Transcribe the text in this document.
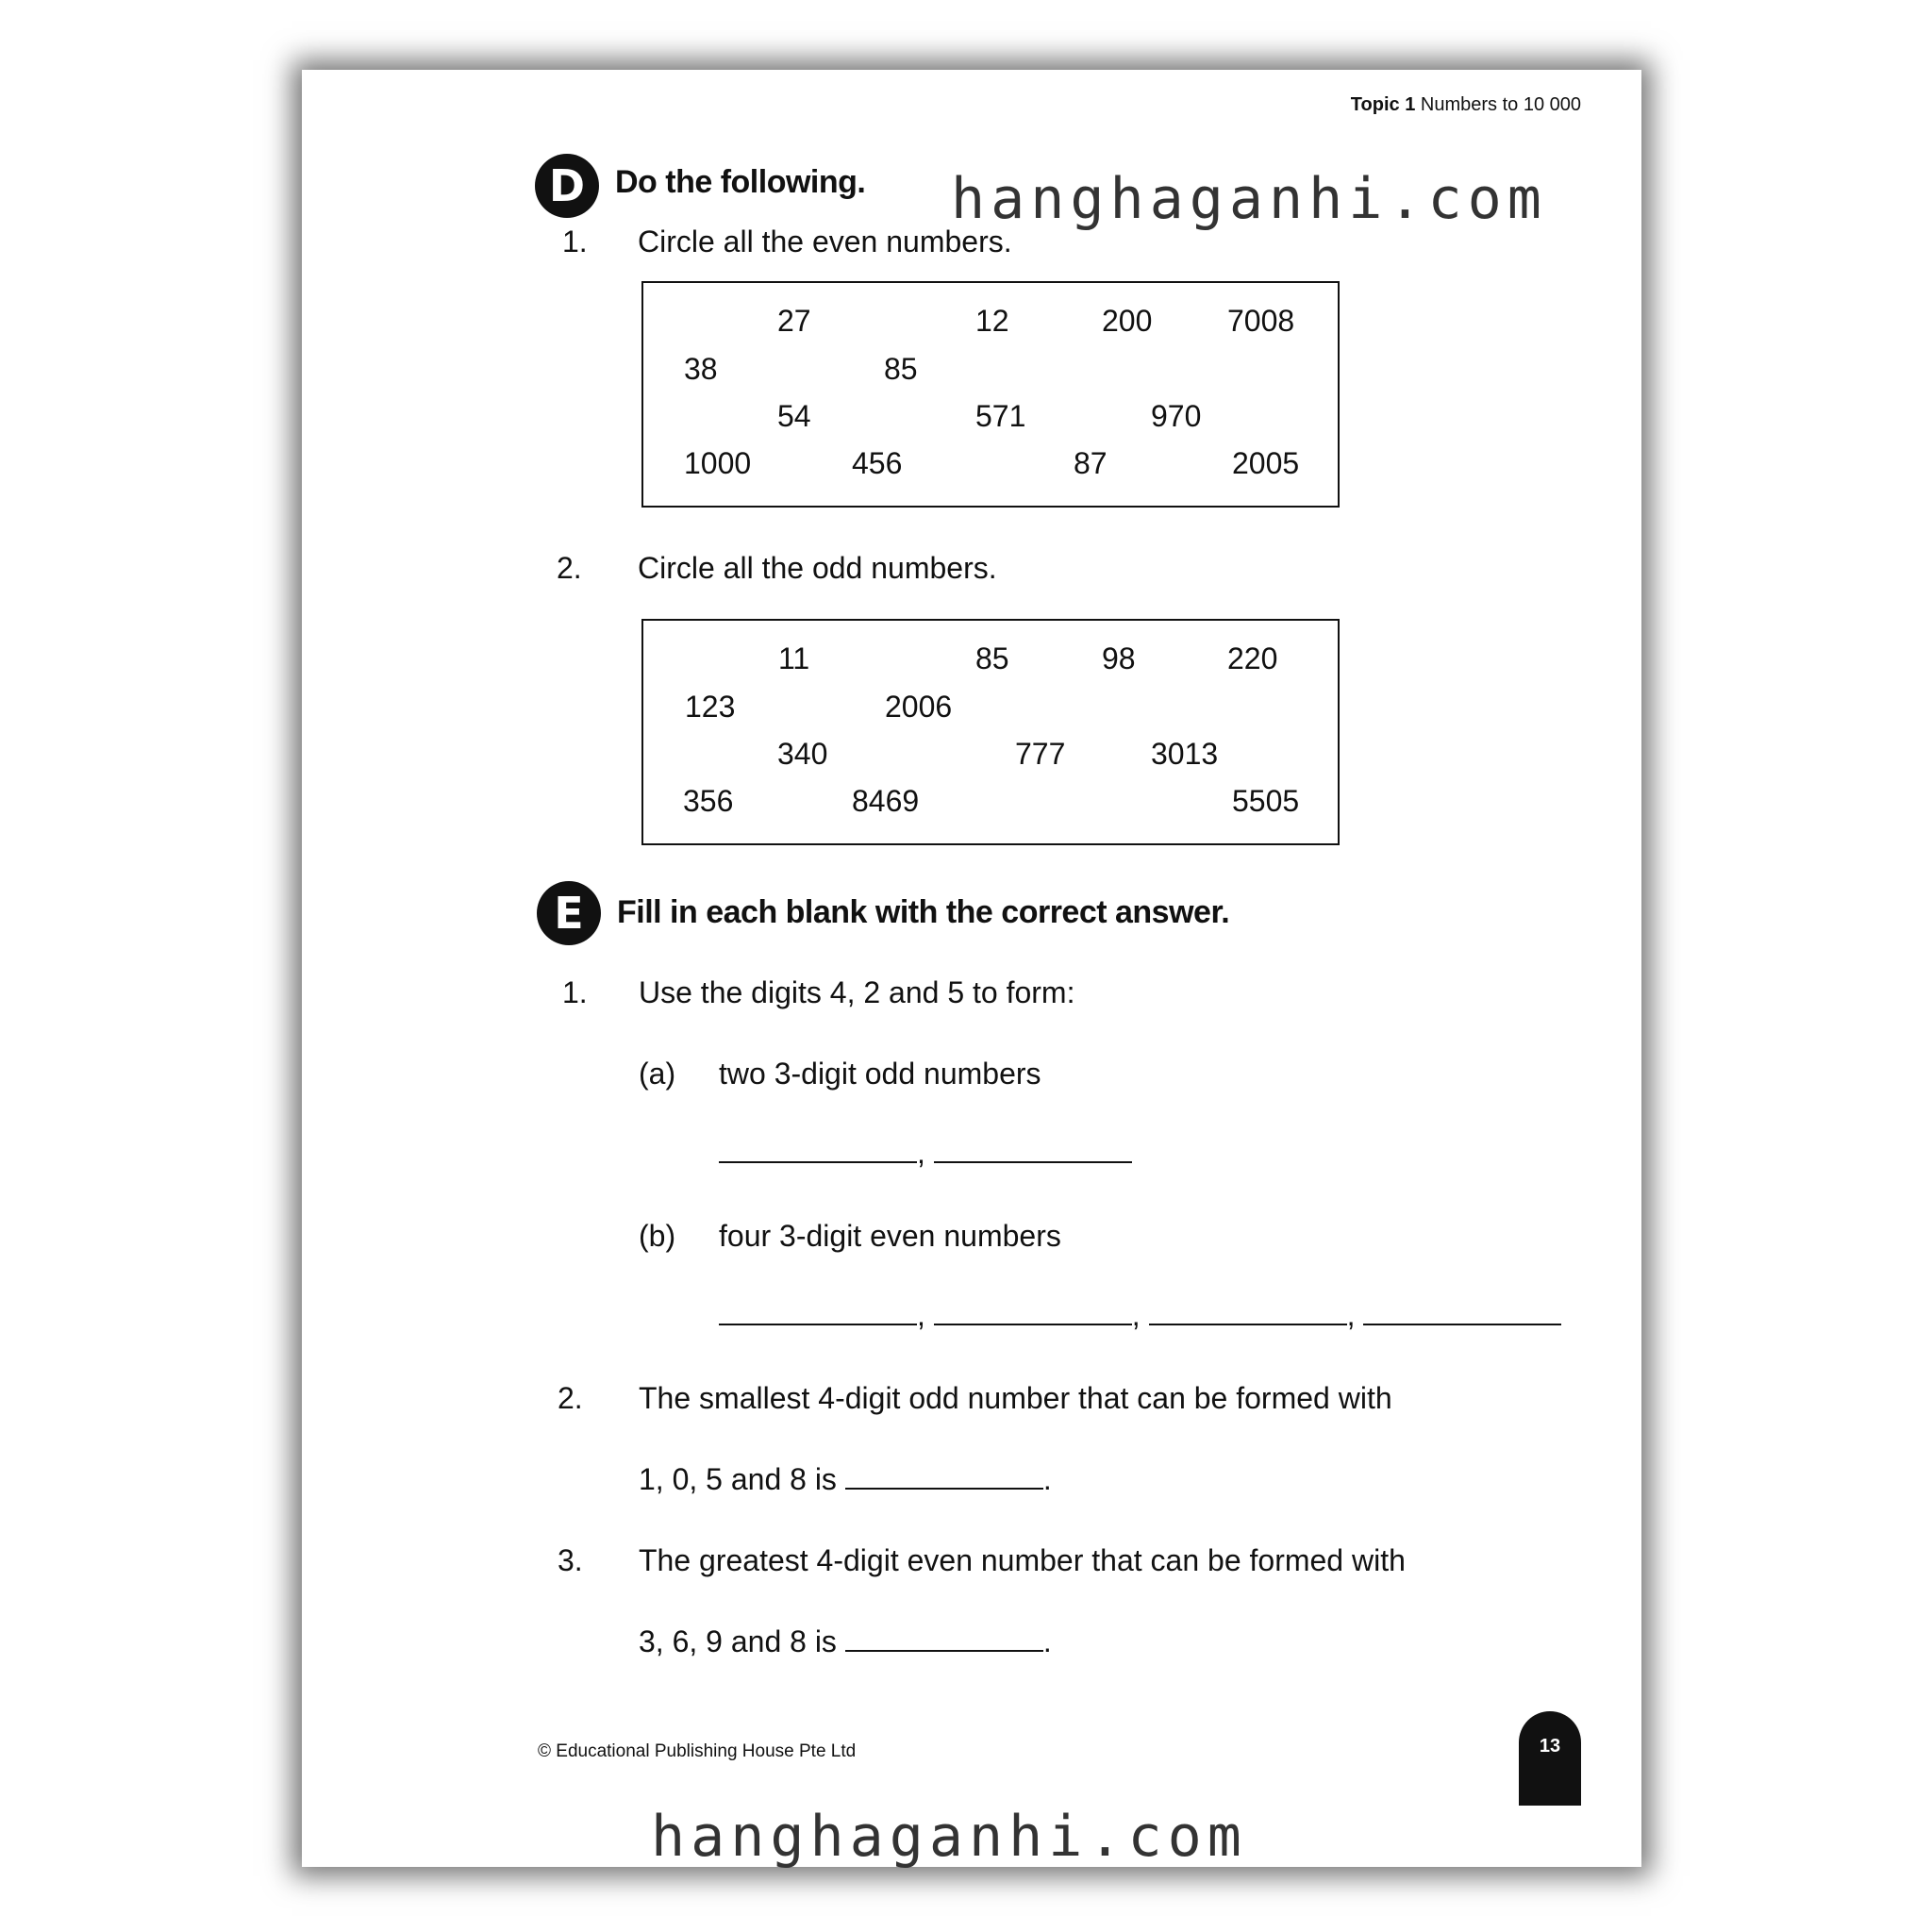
Topic 1 Numbers to 10 000
D Do the following.
1. Circle all the even numbers.
27	12	200 7008
38	85
54	571	970
1000	456	87	2005
2. Circle all the odd numbers.
11	85	98	220
123	2006
340	777	3013
356	8469	5505
E	Fill in each blank with the correct answer.
1. Use the digits 4, 2 and 5 to form:
(a) two 3-digit odd numbers
,
(b) four 3-digit even numbers
,	,	,
2. The smallest 4-digit odd number that can be formed with
1, 0, 5 and 8 is	.
3. The greatest 4-digit even number that can be formed with
3, 6, 9 and 8 is	.
© Educational Publishing House Pte Ltd	13
hanghaganhi.com
hanghaganhi.com
